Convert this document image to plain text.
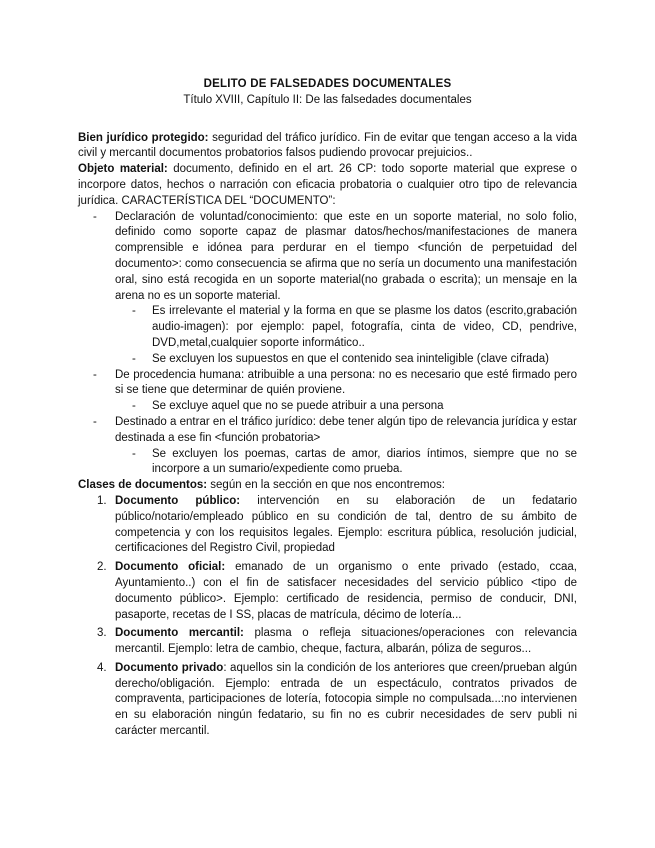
DELITO DE FALSEDADES DOCUMENTALES

Título XVIII, Capítulo II: De las falsedades documentales

Bien jurídico protegido: seguridad del tráfico jurídico. Fin de evitar que tengan acceso a la vida civil y mercantil documentos probatorios falsos pudiendo provocar prejuicios..

Objeto material: documento, definido en el art. 26 CP: todo soporte material que exprese o incorpore datos, hechos o narración con eficacia probatoria o cualquier otro tipo de relevancia jurídica. CARACTERÍSTICA DEL “DOCUMENTO”:

- Declaración de voluntad/conocimiento: que este en un soporte material, no solo folio, definido como soporte capaz de plasmar datos/hechos/manifestaciones de manera comprensible e idónea para perdurar en el tiempo <función de perpetuidad del documento>: como consecuencia se afirma que no sería un documento una manifestación oral, sino está recogida en un soporte material(no grabada o escrita); un mensaje en la arena no es un soporte material.
- Es irrelevante el material y la forma en que se plasme los datos (escrito,grabación audio-imagen): por ejemplo: papel, fotografía, cinta de video, CD, pendrive, DVD,metal,cualquier soporte informático..
- Se excluyen los supuestos en que el contenido sea ininteligible (clave cifrada)
- De procedencia humana: atribuible a una persona: no es necesario que esté firmado pero si se tiene que determinar de quién proviene.
- Se excluye aquel que no se puede atribuir a una persona
- Destinado a entrar en el tráfico jurídico: debe tener algún tipo de relevancia jurídica y estar destinada a ese fin <función probatoria>
- Se excluyen los poemas, cartas de amor, diarios íntimos, siempre que no se incorpore a un sumario/expediente como prueba.

Clases de documentos: según en la sección en que nos encontremos:

1. Documento público: intervención en su elaboración de un fedatario público/notario/empleado público en su condición de tal, dentro de su ámbito de competencia y con los requisitos legales. Ejemplo: escritura pública, resolución judicial, certificaciones del Registro Civil, propiedad
2. Documento oficial: emanado de un organismo o ente privado (estado, ccaa, Ayuntamiento..) con el fin de satisfacer necesidades del servicio público <tipo de documento público>. Ejemplo: certificado de residencia, permiso de conducir, DNI, pasaporte, recetas de I SS, placas de matrícula, décimo de lotería...
3. Documento mercantil: plasma o refleja situaciones/operaciones con relevancia mercantil. Ejemplo: letra de cambio, cheque, factura, albarán, póliza de seguros...
4. Documento privado: aquellos sin la condición de los anteriores que creen/prueban algún derecho/obligación. Ejemplo: entrada de un espectáculo, contratos privados de compraventa, participaciones de lotería, fotocopia simple no compulsada...:no intervienen en su elaboración ningún fedatario, su fin no es cubrir necesidades de serv publi ni carácter mercantil.
